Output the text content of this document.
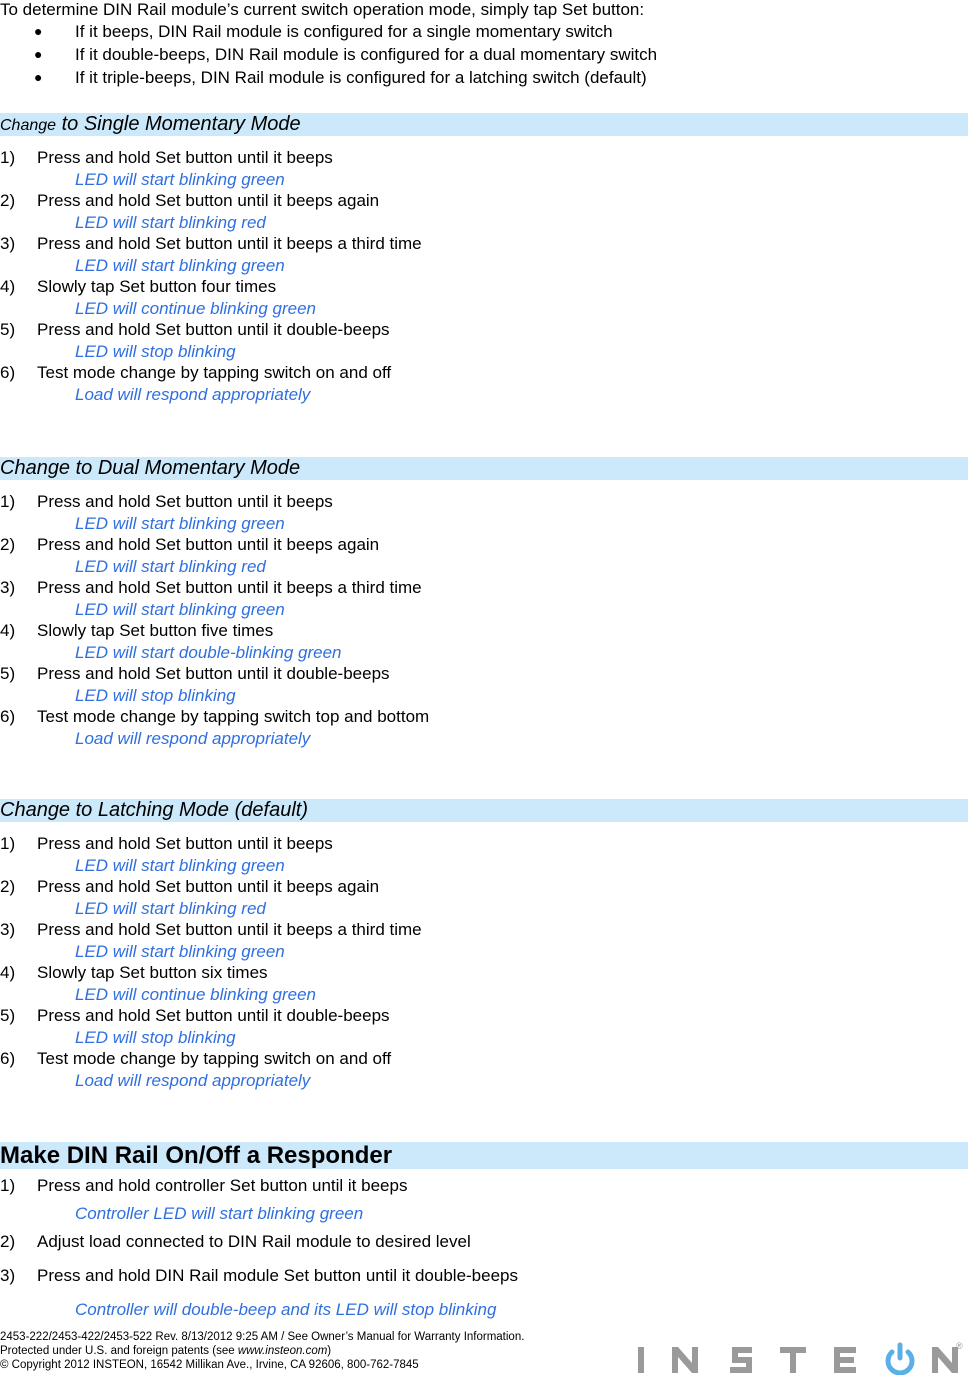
To determine DIN Rail module’s current switch operation mode, simply tap Set button:
● If it beeps, DIN Rail module is configured for a single momentary switch
● If it double-beeps, DIN Rail module is configured for a dual momentary switch
● If it triple-beeps, DIN Rail module is configured for a latching switch (default)
Change to Single Momentary Mode
1) Press and hold Set button until it beeps
LED will start blinking green
2) Press and hold Set button until it beeps again
LED will start blinking red
3) Press and hold Set button until it beeps a third time
LED will start blinking green
4) Slowly tap Set button four times
LED will continue blinking green
5) Press and hold Set button until it double-beeps
LED will stop blinking
6) Test mode change by tapping switch on and off
Load will respond appropriately
Change to Dual Momentary Mode
1) Press and hold Set button until it beeps
LED will start blinking green
2) Press and hold Set button until it beeps again
LED will start blinking red
3) Press and hold Set button until it beeps a third time
LED will start blinking green
4) Slowly tap Set button five times
LED will start double-blinking green
5) Press and hold Set button until it double-beeps
LED will stop blinking
6) Test mode change by tapping switch top and bottom
Load will respond appropriately
Change to Latching Mode (default)
1) Press and hold Set button until it beeps
LED will start blinking green
2) Press and hold Set button until it beeps again
LED will start blinking red
3) Press and hold Set button until it beeps a third time
LED will start blinking green
4) Slowly tap Set button six times
LED will continue blinking green
5) Press and hold Set button until it double-beeps
LED will stop blinking
6) Test mode change by tapping switch on and off
Load will respond appropriately
Make DIN Rail On/Off a Responder
1) Press and hold controller Set button until it beeps
Controller LED will start blinking green
2) Adjust load connected to DIN Rail module to desired level
3) Press and hold DIN Rail module Set button until it double-beeps
Controller will double-beep and its LED will stop blinking
2453-222/2453-422/2453-522 Rev. 8/13/2012 9:25 AM / See Owner’s Manual for Warranty Information.
Protected under U.S. and foreign patents (see www.insteon.com)
© Copyright 2012 INSTEON, 16542 Millikan Ave., Irvine, CA 92606, 800-762-7845
®
